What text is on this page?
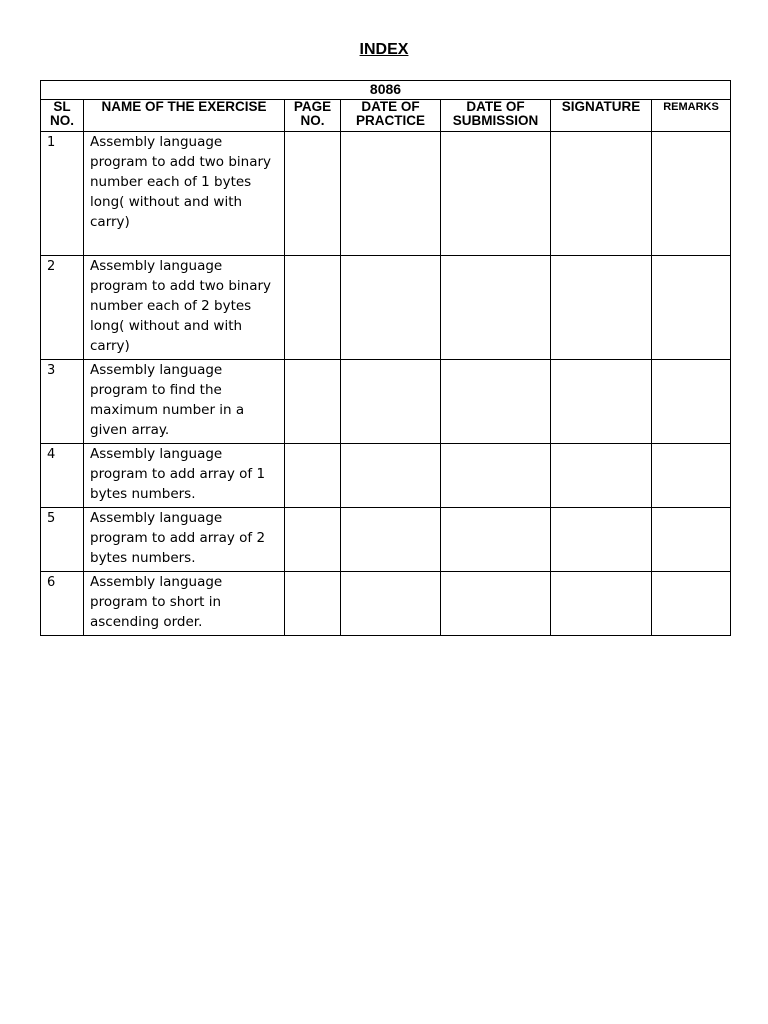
INDEX
8086						
SL NO.	NAME OF THE EXERCISE	PAGE NO.	DATE OF PRACTICE	DATE OF SUBMISSION	SIGNATURE	REMARKS
1	Assembly language program to add two binary number each of 1 bytes long( without and with carry)					
2	Assembly language program to add two binary number each of 2 bytes long( without and with carry)					
3	Assembly language program to find the maximum number in a given array.					
4	Assembly language program to add array of 1 bytes numbers.					
5	Assembly language program to add array of 2 bytes numbers.					
6	Assembly language program to short in ascending order.					
